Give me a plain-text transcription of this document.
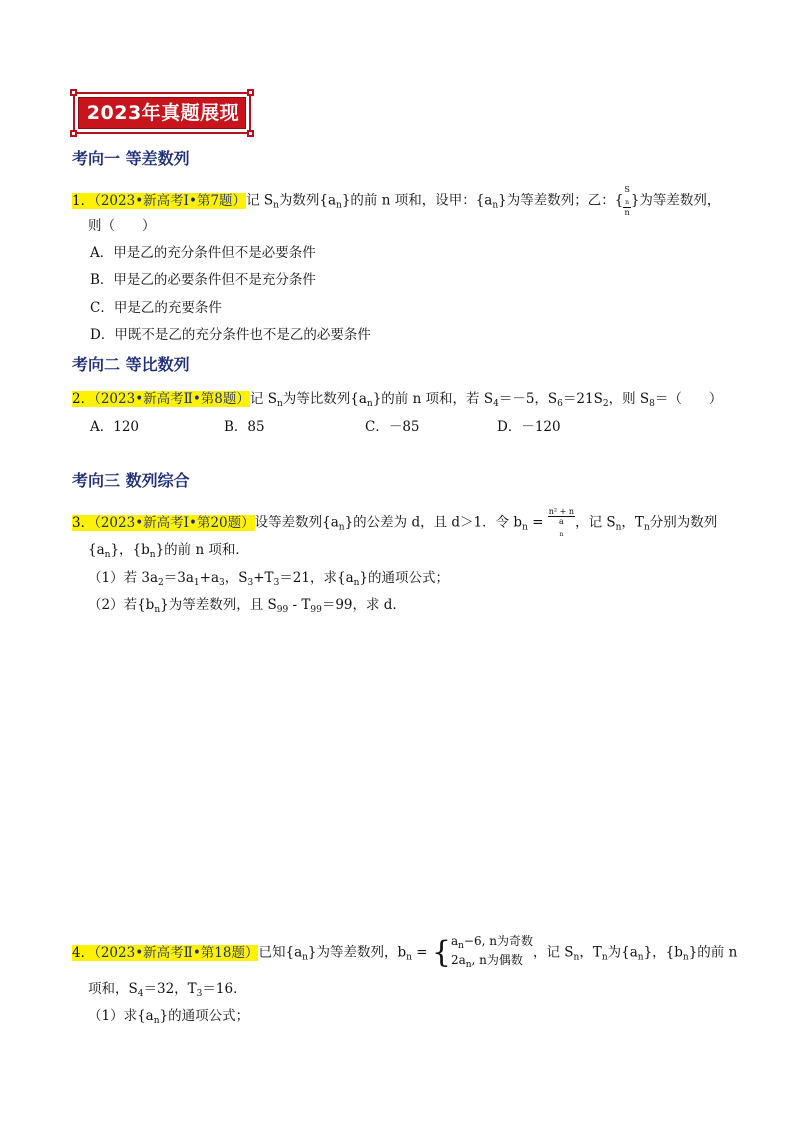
2023年真题展现
考向一 等差数列
1．（2023•新高考Ⅰ•第7题）记 $S_n$为数列$\{a_n\}$的前 n 项和，设甲：$\{a_n\}$为等差数列；乙：{ S
$_n$
n }为等差数列，
则（　　）
A．甲是乙的充分条件但不是必要条件
B．甲是乙的必要条件但不是充分条件
C．甲是乙的充要条件
D．甲既不是乙的充分条件也不是乙的必要条件
考向二 等比数列
2．（2023•新高考Ⅱ•第8题）记 $S_n$为等比数列$\{a_n\}$的前 n 项和，若 $S_4=-5$，$S_6=21S_2$，则 $S_8=$（　　）
A．120	B．85	C．－85	D．－120
考向三 数列综合
3．（2023•新高考Ⅰ•第20题）设等差数列$\{a_n\}$的公差为 d，且 d＞1．令 $b_n = n^2 + n$
a
$_n$ ，记 $S_n$，$T_n$分别为数列
$\{a_n\}$，$\{b_n\}$的前 n 项和．
（1）若 $3a_2=3a_1+a_3$，$S_3+T_3=21$，求$\{a_n\}$的通项公式；
（2）若$\{b_n\}$为等差数列，且 $S_{99} - T_{99}=99$，求 d．
4．（2023•新高考Ⅱ•第18题）已知$\{a_n\}$为等差数列，$b_n$ = { $a_n-6$, n为奇数
$2a_n$, n为偶数 ，记 $S_n$，$T_n$为$\{a_n\}$，$\{b_n\}$的前 n
项和，$S_4=32$，$T_3=16$．
（1）求$\{a_n\}$的通项公式；
